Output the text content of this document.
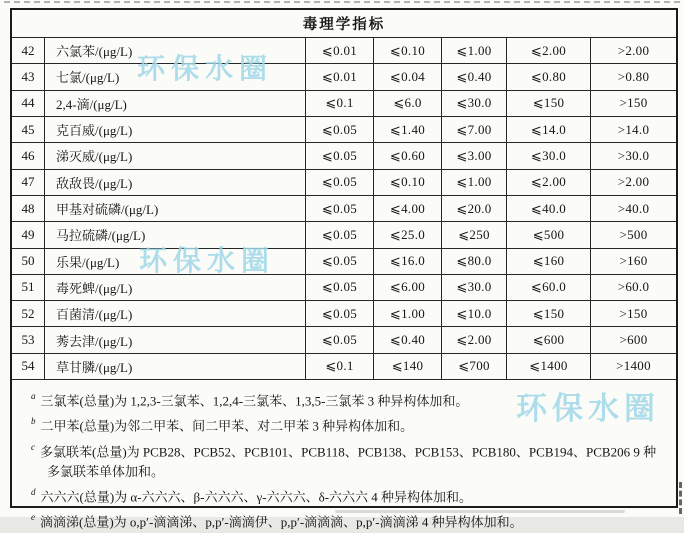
毒理学指标
42	六氯苯/(μg/L)	⩽0.01	⩽0.10	⩽1.00	⩽2.00	>2.00
43	七氯/(μg/L)	⩽0.01	⩽0.04	⩽0.40	⩽0.80	>0.80
44	2,4-滴/(μg/L)	⩽0.1	⩽6.0	⩽30.0	⩽150	>150
45	克百威/(μg/L)	⩽0.05	⩽1.40	⩽7.00	⩽14.0	>14.0
46	涕灭威/(μg/L)	⩽0.05	⩽0.60	⩽3.00	⩽30.0	>30.0
47	敌敌畏/(μg/L)	⩽0.05	⩽0.10	⩽1.00	⩽2.00	>2.00
48	甲基对硫磷/(μg/L)	⩽0.05	⩽4.00	⩽20.0	⩽40.0	>40.0
49	马拉硫磷/(μg/L)	⩽0.05	⩽25.0	⩽250	⩽500	>500
50	乐果/(μg/L)	⩽0.05	⩽16.0	⩽80.0	⩽160	>160
51	毒死蜱/(μg/L)	⩽0.05	⩽6.00	⩽30.0	⩽60.0	>60.0
52	百菌清/(μg/L)	⩽0.05	⩽1.00	⩽10.0	⩽150	>150
53	莠去津/(μg/L)	⩽0.05	⩽0.40	⩽2.00	⩽600	>600
54	草甘膦/(μg/L)	⩽0.1	⩽140	⩽700	⩽1400	>1400
$^a$ 三氯苯(总量)为 1,2,3-三氯苯、1,2,4-三氯苯、1,3,5-三氯苯 3 种异构体加和。
$^b$ 二甲苯(总量)为邻二甲苯、间二甲苯、对二甲苯 3 种异构体加和。
$^c$ 多氯联苯(总量)为 PCB28、PCB52、PCB101、PCB118、PCB138、PCB153、PCB180、PCB194、PCB206 9 种多氯联苯单体加和。
$^d$ 六六六(总量)为 α-六六六、β-六六六、γ-六六六、δ-六六六 4 种异构体加和。
$^e$ 滴滴涕(总量)为 o,p′-滴滴涕、p,p′-滴滴伊、p,p′-滴滴滴、p,p′-滴滴涕 4 种异构体加和。
环保水圈
环保水圈
环保水圈
